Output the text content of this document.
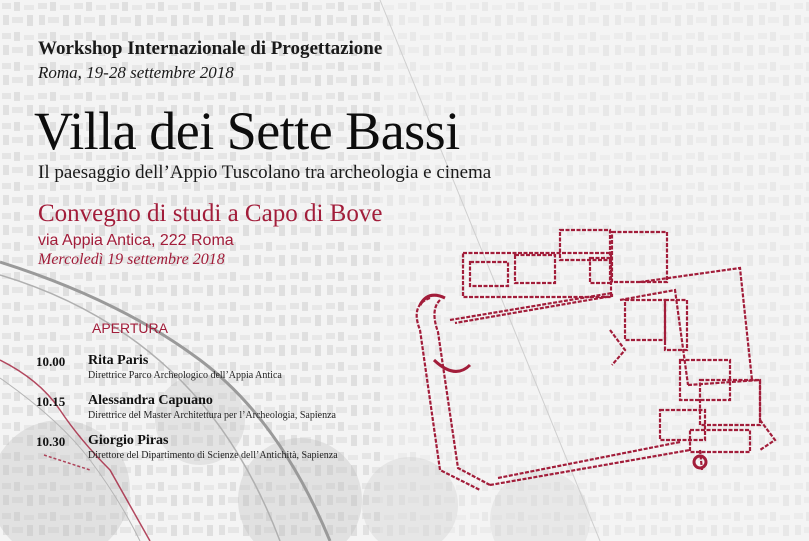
Workshop Internazionale di Progettazione
Roma, 19-28 settembre 2018
Villa dei Sette Bassi
Il paesaggio dell’Appio Tuscolano tra archeologia e cinema
Convegno di studi a Capo di Bove
via Appia Antica, 222 Roma
Mercoledì 19 settembre 2018
APERTURA
10.00 Rita Paris
Direttrice Parco Archeologico dell’Appia Antica
10.15 Alessandra Capuano
Direttrice del Master Architettura per l’Archeologia, Sapienza
10.30 Giorgio Piras
Direttore del Dipartimento di Scienze dell’Antichità, Sapienza
